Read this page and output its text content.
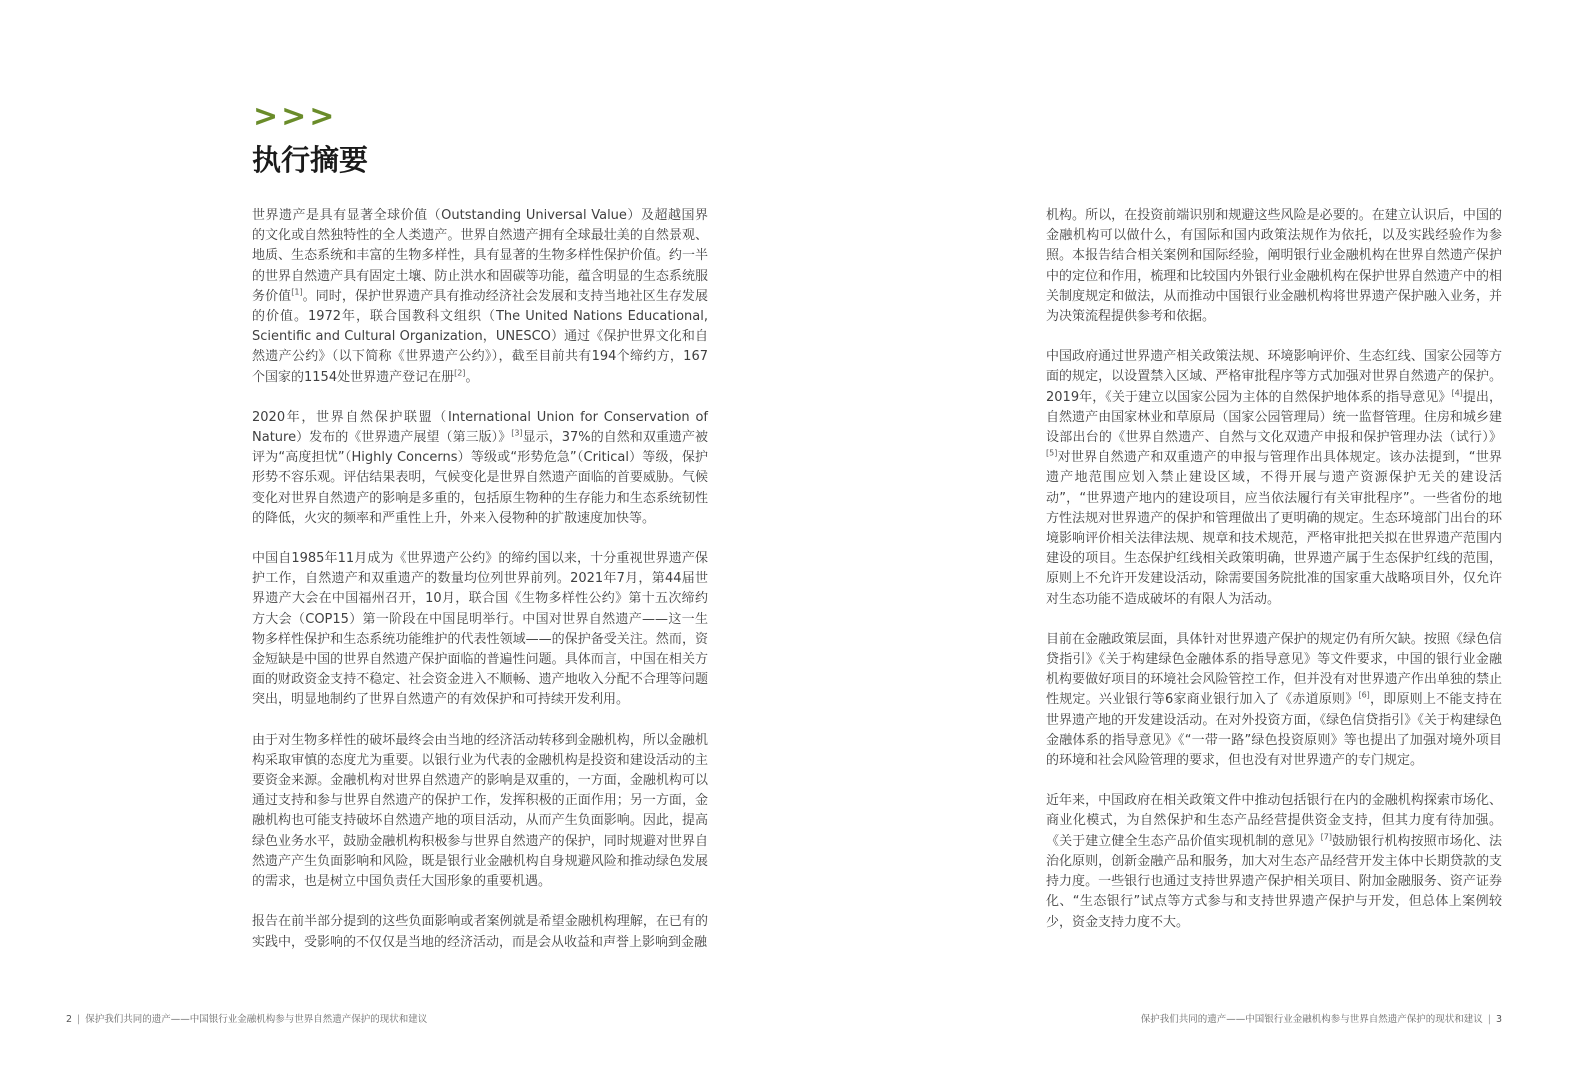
>>>
执行摘要

世界遗产是具有显著全球价值（Outstanding Universal Value）及超越国界的文化或自然独特性的全人类遗产。世界自然遗产拥有全球最壮美的自然景观、地质、生态系统和丰富的生物多样性，具有显著的生物多样性保护价值。约一半的世界自然遗产具有固定土壤、防止洪水和固碳等功能，蕴含明显的生态系统服务价值[1]。同时，保护世界遗产具有推动经济社会发展和支持当地社区生存发展的价值。1972年，联合国教科文组织（The United Nations Educational, Scientific and Cultural Organization，UNESCO）通过《保护世界文化和自然遗产公约》（以下简称《世界遗产公约》），截至目前共有194个缔约方，167个国家的1154处世界遗产登记在册[2]。

2020年，世界自然保护联盟（International Union for Conservation of Nature）发布的《世界遗产展望（第三版）》[3]显示，37%的自然和双重遗产被评为“高度担忧”（Highly Concerns）等级或“形势危急”（Critical）等级，保护形势不容乐观。评估结果表明，气候变化是世界自然遗产面临的首要威胁。气候变化对世界自然遗产的影响是多重的，包括原生物种的生存能力和生态系统韧性的降低，火灾的频率和严重性上升，外来入侵物种的扩散速度加快等。

中国自1985年11月成为《世界遗产公约》的缔约国以来，十分重视世界遗产保护工作，自然遗产和双重遗产的数量均位列世界前列。2021年7月，第44届世界遗产大会在中国福州召开，10月，联合国《生物多样性公约》第十五次缔约方大会（COP15）第一阶段在中国昆明举行。中国对世界自然遗产——这一生物多样性保护和生态系统功能维护的代表性领域——的保护备受关注。然而，资金短缺是中国的世界自然遗产保护面临的普遍性问题。具体而言，中国在相关方面的财政资金支持不稳定、社会资金进入不顺畅、遗产地收入分配不合理等问题突出，明显地制约了世界自然遗产的有效保护和可持续开发利用。

由于对生物多样性的破坏最终会由当地的经济活动转移到金融机构，所以金融机构采取审慎的态度尤为重要。以银行业为代表的金融机构是投资和建设活动的主要资金来源。金融机构对世界自然遗产的影响是双重的，一方面，金融机构可以通过支持和参与世界自然遗产的保护工作，发挥积极的正面作用；另一方面，金融机构也可能支持破坏自然遗产地的项目活动，从而产生负面影响。因此，提高绿色业务水平，鼓励金融机构积极参与世界自然遗产的保护，同时规避对世界自然遗产产生负面影响和风险，既是银行业金融机构自身规避风险和推动绿色发展的需求，也是树立中国负责任大国形象的重要机遇。

报告在前半部分提到的这些负面影响或者案例就是希望金融机构理解，在已有的实践中，受影响的不仅仅是当地的经济活动，而是会从收益和声誉上影响到金融

机构。所以，在投资前端识别和规避这些风险是必要的。在建立认识后，中国的金融机构可以做什么，有国际和国内政策法规作为依托，以及实践经验作为参照。本报告结合相关案例和国际经验，阐明银行业金融机构在世界自然遗产保护中的定位和作用，梳理和比较国内外银行业金融机构在保护世界自然遗产中的相关制度规定和做法，从而推动中国银行业金融机构将世界遗产保护融入业务，并为决策流程提供参考和依据。

中国政府通过世界遗产相关政策法规、环境影响评价、生态红线、国家公园等方面的规定，以设置禁入区域、严格审批程序等方式加强对世界自然遗产的保护。2019年，《关于建立以国家公园为主体的自然保护地体系的指导意见》[4]提出，自然遗产由国家林业和草原局（国家公园管理局）统一监督管理。住房和城乡建设部出台的《世界自然遗产、自然与文化双遗产申报和保护管理办法（试行）》[5]对世界自然遗产和双重遗产的申报与管理作出具体规定。该办法提到，“世界遗产地范围应划入禁止建设区域，不得开展与遗产资源保护无关的建设活动”，“世界遗产地内的建设项目，应当依法履行有关审批程序”。一些省份的地方性法规对世界遗产的保护和管理做出了更明确的规定。生态环境部门出台的环境影响评价相关法律法规、规章和技术规范，严格审批把关拟在世界遗产范围内建设的项目。生态保护红线相关政策明确，世界遗产属于生态保护红线的范围，原则上不允许开发建设活动，除需要国务院批准的国家重大战略项目外，仅允许对生态功能不造成破坏的有限人为活动。

目前在金融政策层面，具体针对世界遗产保护的规定仍有所欠缺。按照《绿色信贷指引》《关于构建绿色金融体系的指导意见》等文件要求，中国的银行业金融机构要做好项目的环境社会风险管控工作，但并没有对世界遗产作出单独的禁止性规定。兴业银行等6家商业银行加入了《赤道原则》[6]，即原则上不能支持在世界遗产地的开发建设活动。在对外投资方面，《绿色信贷指引》《关于构建绿色金融体系的指导意见》《“一带一路”绿色投资原则》等也提出了加强对境外项目的环境和社会风险管理的要求，但也没有对世界遗产的专门规定。

近年来，中国政府在相关政策文件中推动包括银行在内的金融机构探索市场化、商业化模式，为自然保护和生态产品经营提供资金支持，但其力度有待加强。《关于建立健全生态产品价值实现机制的意见》[7]鼓励银行机构按照市场化、法治化原则，创新金融产品和服务，加大对生态产品经营开发主体中长期贷款的支持力度。一些银行也通过支持世界遗产保护相关项目、附加金融服务、资产证券化、“生态银行”试点等方式参与和支持世界遗产保护与开发，但总体上案例较少，资金支持力度不大。

2 | 保护我们共同的遗产——中国银行业金融机构参与世界自然遗产保护的现状和建议	保护我们共同的遗产——中国银行业金融机构参与世界自然遗产保护的现状和建议 | 3
